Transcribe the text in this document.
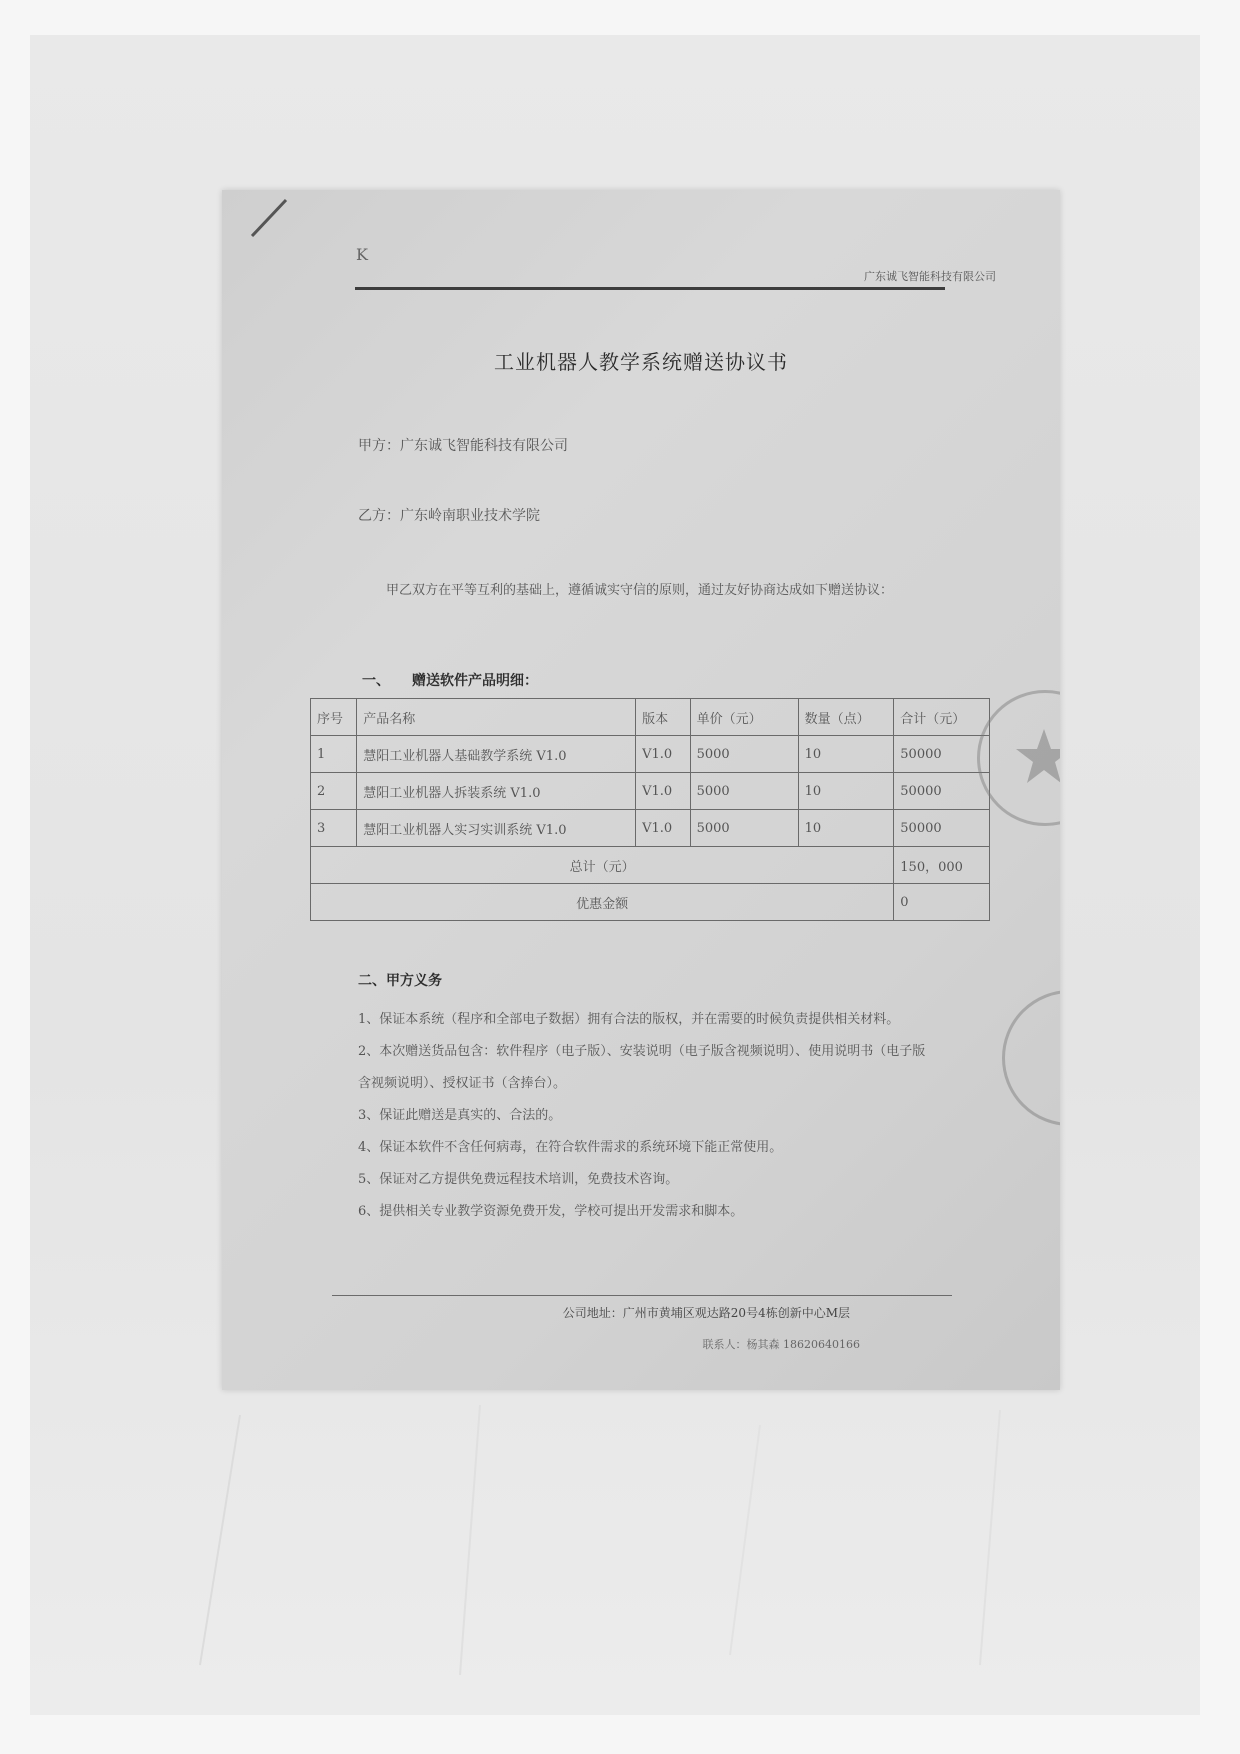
K
广东诚飞智能科技有限公司
工业机器人教学系统赠送协议书
甲方：广东诚飞智能科技有限公司
乙方：广东岭南职业技术学院
甲乙双方在平等互利的基础上，遵循诚实守信的原则，通过友好协商达成如下赠送协议：
一、 赠送软件产品明细：
序号	产品名称	版本	单价（元）	数量（点）	合计（元）
1	慧阳工业机器人基础教学系统 V1.0	V1.0	5000	10	50000
2	慧阳工业机器人拆装系统 V1.0	V1.0	5000	10	50000
3	慧阳工业机器人实习实训系统 V1.0	V1.0	5000	10	50000
总计（元）					150，000
优惠金额					0
二、甲方义务
1、保证本系统（程序和全部电子数据）拥有合法的版权，并在需要的时候负责提供相关材料。
2、本次赠送货品包含：软件程序（电子版）、安装说明（电子版含视频说明）、使用说明书（电子版含视频说明）、授权证书（含捧台）。
3、保证此赠送是真实的、合法的。
4、保证本软件不含任何病毒，在符合软件需求的系统环境下能正常使用。
5、保证对乙方提供免费远程技术培训，免费技术咨询。
6、提供相关专业教学资源免费开发，学校可提出开发需求和脚本。
公司地址：广州市黄埔区观达路20号4栋创新中心M层
联系人：杨其森 18620640166
